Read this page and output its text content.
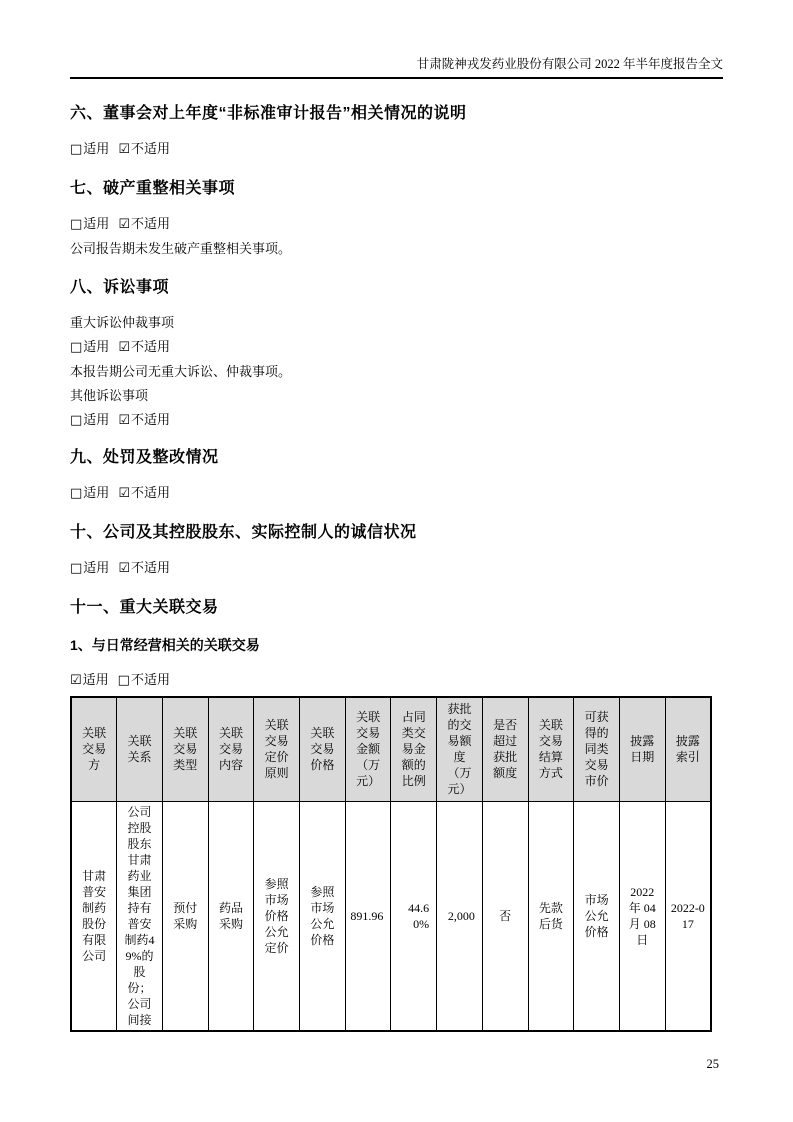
甘肃陇神戎发药业股份有限公司 2022 年半年度报告全文
六、董事会对上年度“非标准审计报告”相关情况的说明

□适用 ☑不适用

七、破产重整相关事项

□适用 ☑不适用

公司报告期未发生破产重整相关事项。

八、诉讼事项

重大诉讼仲裁事项

□适用 ☑不适用

本报告期公司无重大诉讼、仲裁事项。

其他诉讼事项

□适用 ☑不适用

九、处罚及整改情况

□适用 ☑不适用

十、公司及其控股股东、实际控制人的诚信状况

□适用 ☑不适用

十一、重大关联交易
1、与日常经营相关的关联交易

☑适用 □不适用

关联交易方	关联关系	关联交易类型	关联交易内容	关联交易定价原则	关联交易价格	关联交易金额（万元）	占同类交易金额的比例	获批的交易额度（万元）	是否超过获批额度	关联交易结算方式	可获得的同类交易市价	披露日期	披露索引
甘肃普安制药股份有限公司	公司控股股东甘肃药业集团持有普安制药49%的股份；公司间接	预付采购	药品采购	参照市场价格公允定价	参照市场公允价格	891.96	44.60%	2,000	否	先款后货	市场公允价格	2022 年 04 月 08 日	2022-017
25
